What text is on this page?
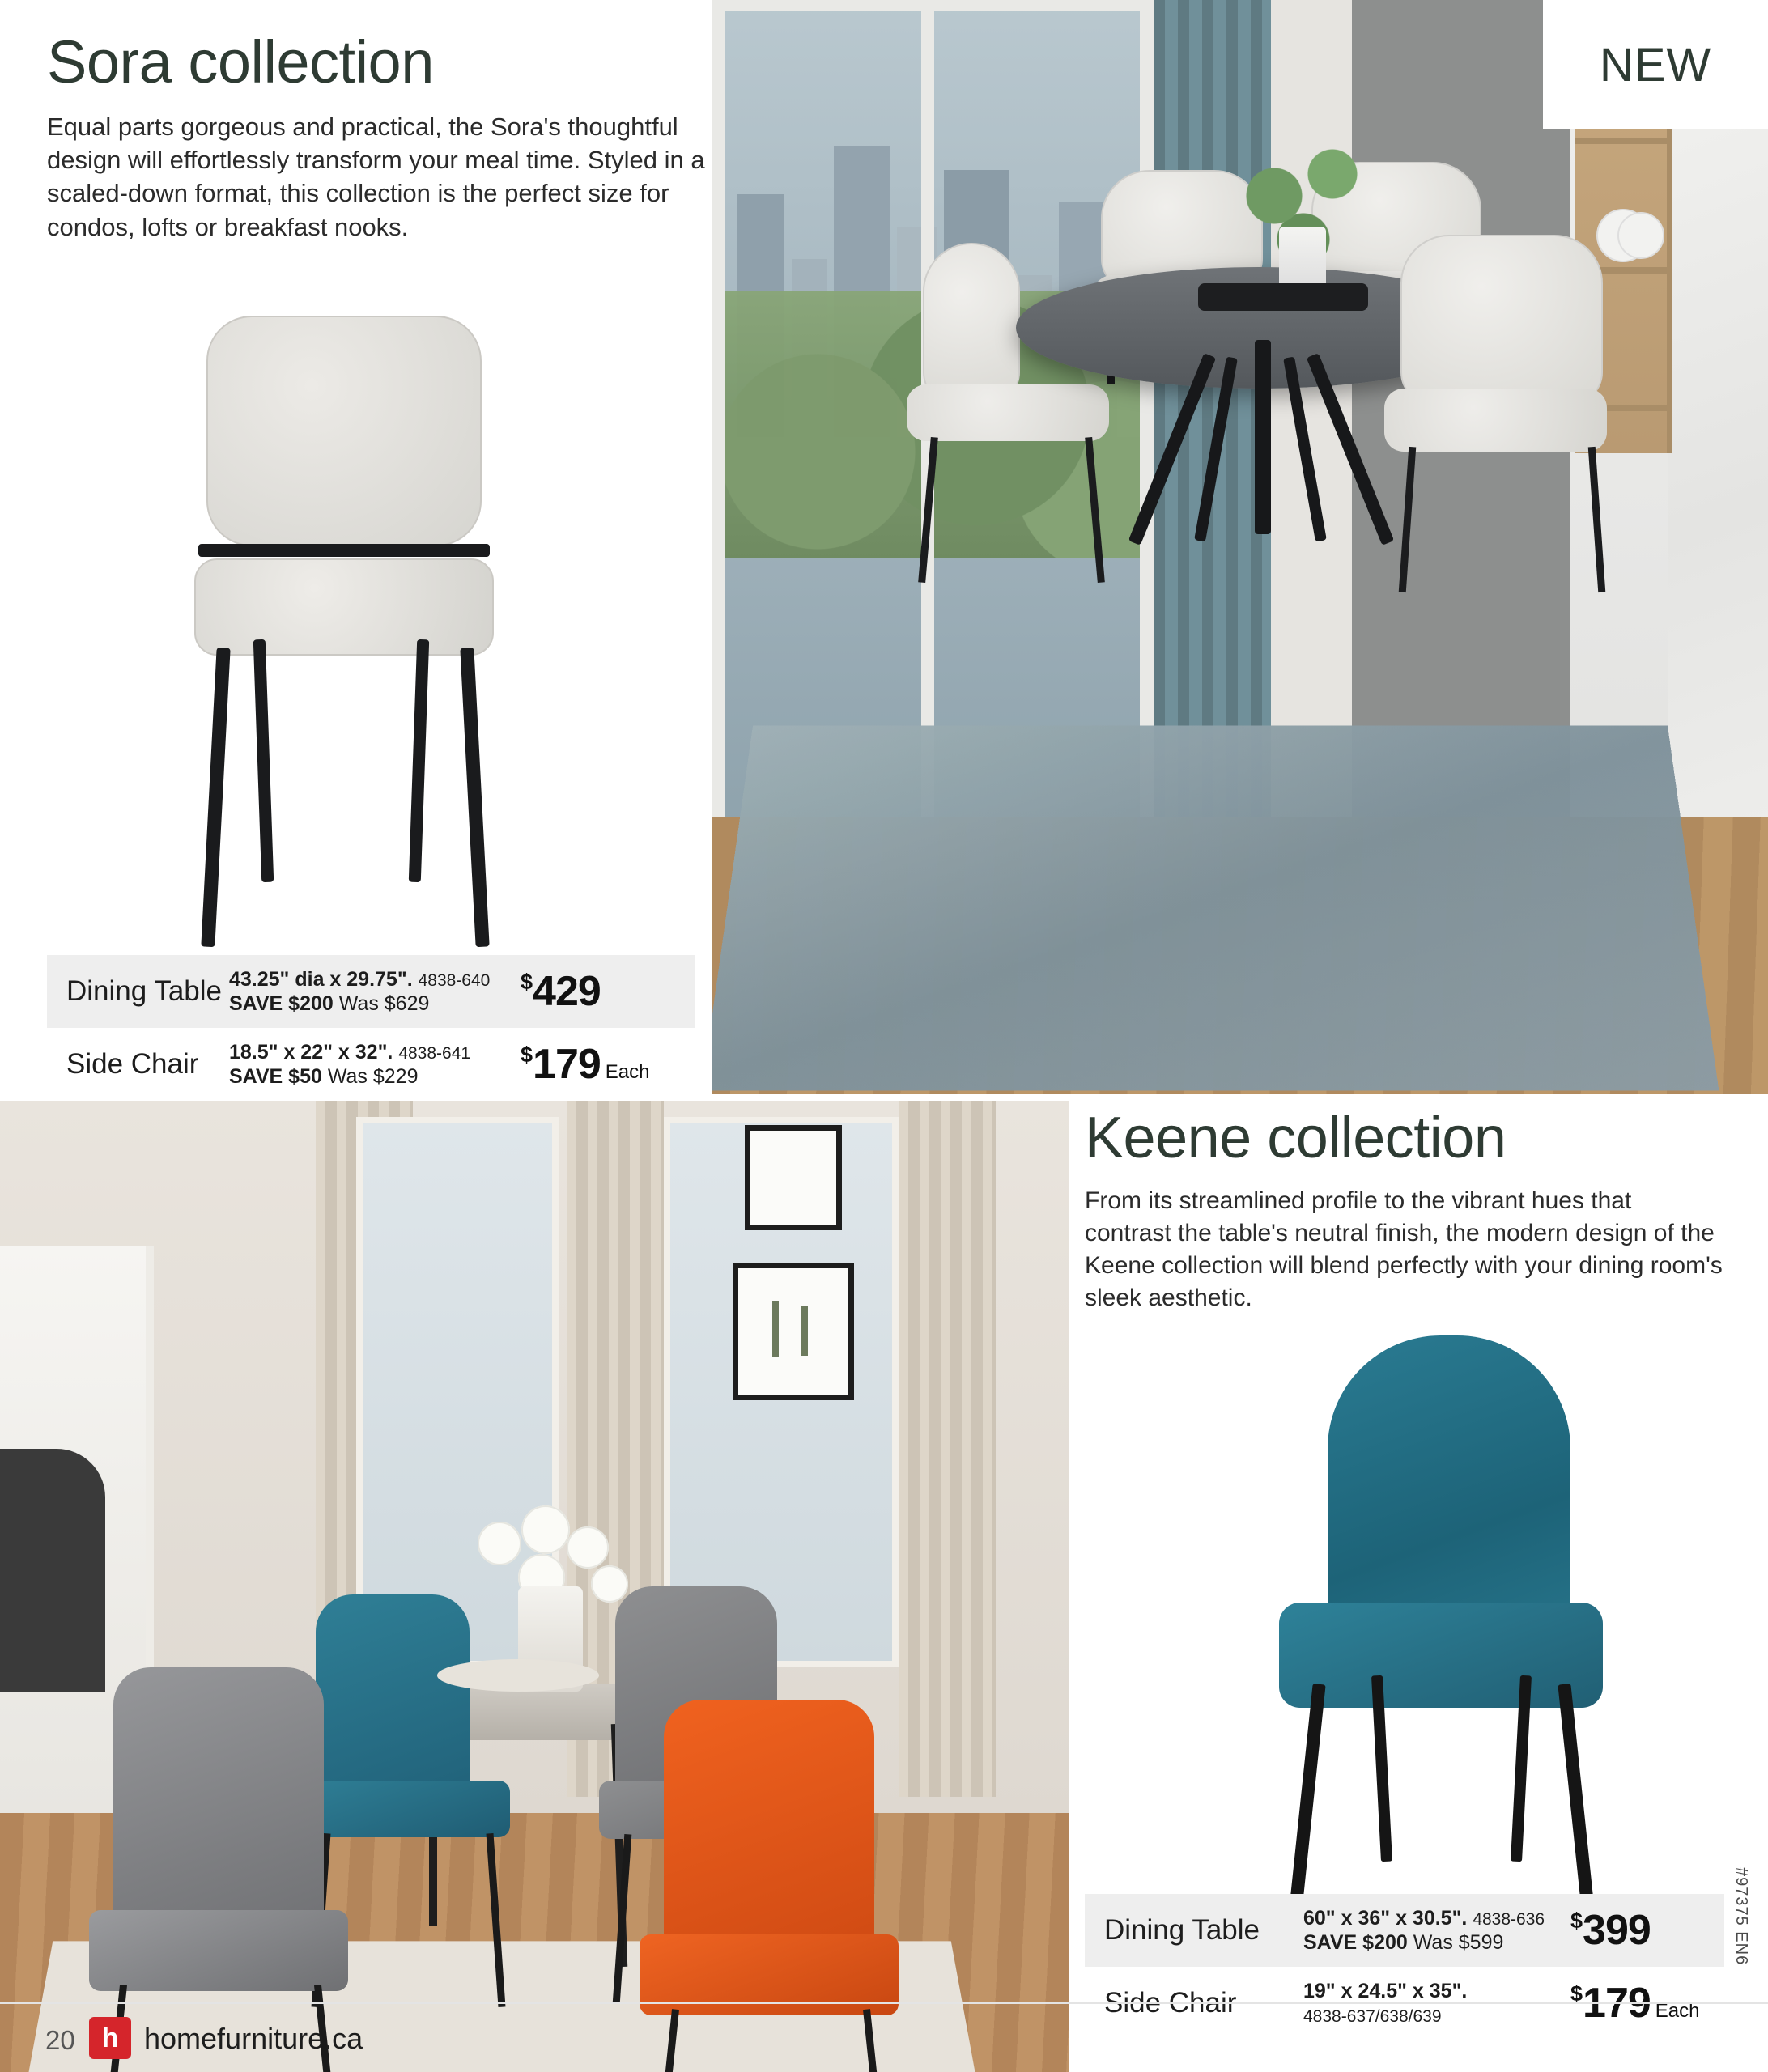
Sora collection

Equal parts gorgeous and practical, the Sora's thoughtful design will effortlessly transform your meal time. Styled in a scaled-down format, this collection is the perfect size for condos, lofts or breakfast nooks.

NEW
Dining Table 43.25" dia x 29.75". 4838-640
SAVE $200 Was $629
$429
Side Chair	18.5" x 22" x 32". 4838-641
SAVE $50 Was $229
$179 Each
Keene collection

From its streamlined profile to the vibrant hues that contrast the table's neutral finish, the modern design of the Keene collection will blend perfectly with your dining room's sleek aesthetic.

Dining Table	60" x 36" x 30.5". 4838-636
SAVE $200 Was $599
$399
Side Chair	19" x 24.5" x 35".
4838-637/638/639
$179 Each
#97375 EN6
20 h homefurniture.ca
